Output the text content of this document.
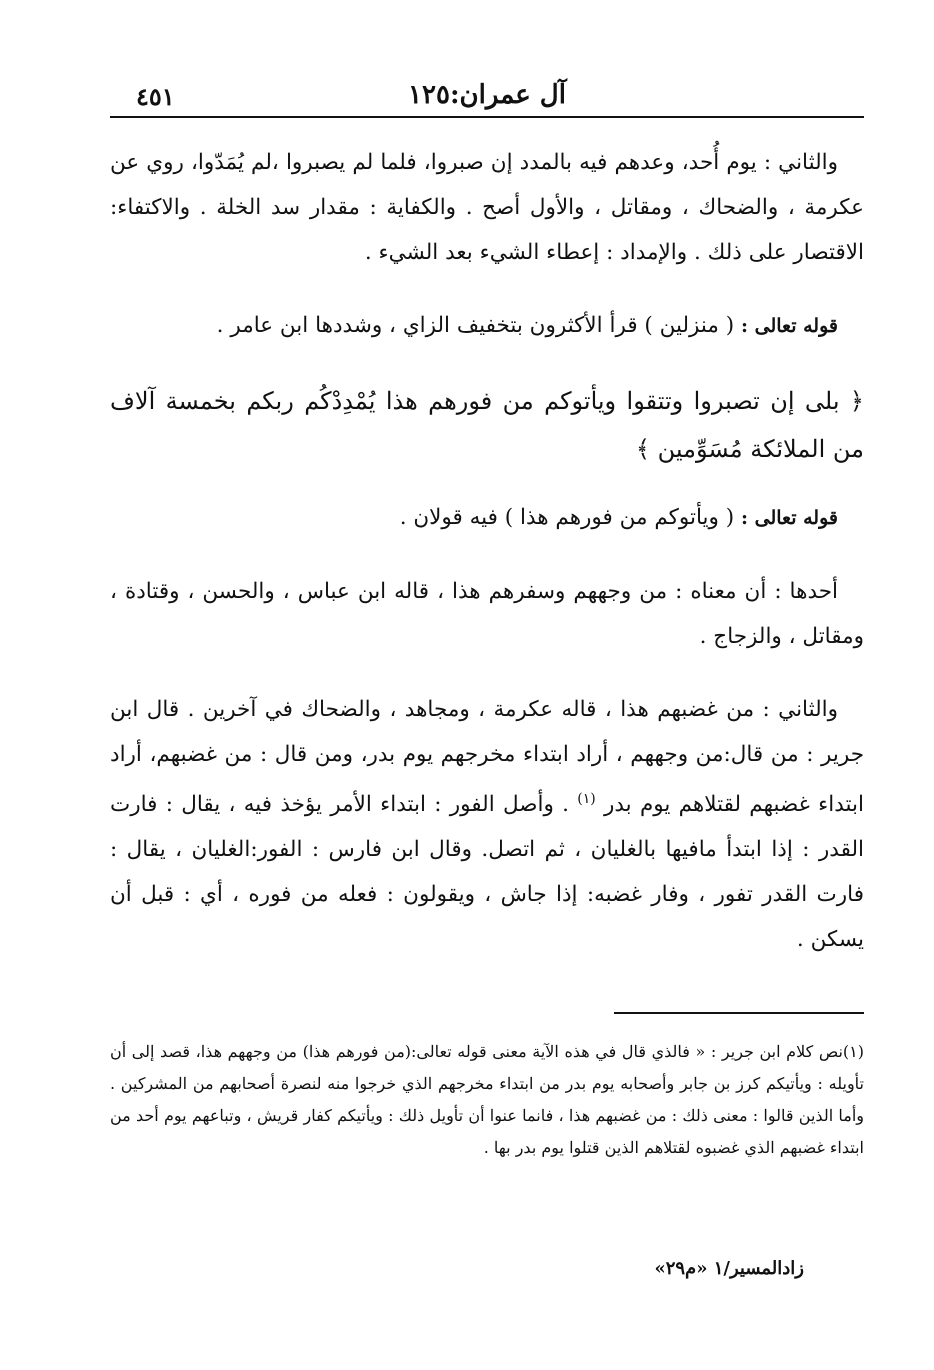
آل عمران:١٢٥
٤٥١

والثاني : يوم أُحد، وعدهم فيه بالمدد إن صبروا، فلما لم يصبروا ،لم يُمَدّوا، روي عن عكرمة ، والضحاك ، ومقاتل ، والأول أصح . والكفاية : مقدار سد الخلة . والاكتفاء: الاقتصار على ذلك . والإمداد : إعطاء الشيء بعد الشيء .

قوله تعالى : ( منزلين ) قرأ الأكثرون بتخفيف الزاي ، وشددها ابن عامر .

﴿ بلى إن تصبروا وتتقوا ويأتوكم من فورهم هذا يُمْدِدْكُم ربكم بخمسة آلاف من الملائكة مُسَوِّمين ﴾

قوله تعالى : ( ويأتوكم من فورهم هذا ) فيه قولان .

أحدها : أن معناه : من وجههم وسفرهم هذا ، قاله ابن عباس ، والحسن ، وقتادة ، ومقاتل ، والزجاج .

والثاني : من غضبهم هذا ، قاله عكرمة ، ومجاهد ، والضحاك في آخرين . قال ابن جرير : من قال:من وجههم ، أراد ابتداء مخرجهم يوم بدر، ومن قال : من غضبهم، أراد ابتداء غضبهم لقتلاهم يوم بدر $^{(١)}$ . وأصل الفور : ابتداء الأمر يؤخذ فيه ، يقال : فارت القدر : إذا ابتدأ مافيها بالغليان ، ثم اتصل. وقال ابن فارس : الفور:الغليان ، يقال : فارت القدر تفور ، وفار غضبه: إذا جاش ، ويقولون : فعله من فوره ، أي : قبل أن يسكن .

(١)نص كلام ابن جرير : « فالذي قال في هذه الآية معنى قوله تعالى:(من فورهم هذا) من وجههم هذا، قصد إلى أن تأويله : ويأتيكم كرز بن جابر وأصحابه يوم بدر من ابتداء مخرجهم الذي خرجوا منه لنصرة أصحابهم من المشركين . وأما الذين قالوا : معنى ذلك : من غضبهم هذا ، فانما عنوا أن تأويل ذلك : ويأتيكم كفار قريش ، وتباعهم يوم أحد من ابتداء غضبهم الذي غضبوه لقتلاهم الذين قتلوا يوم بدر بها .

زادالمسير/١ «م٢٩»
